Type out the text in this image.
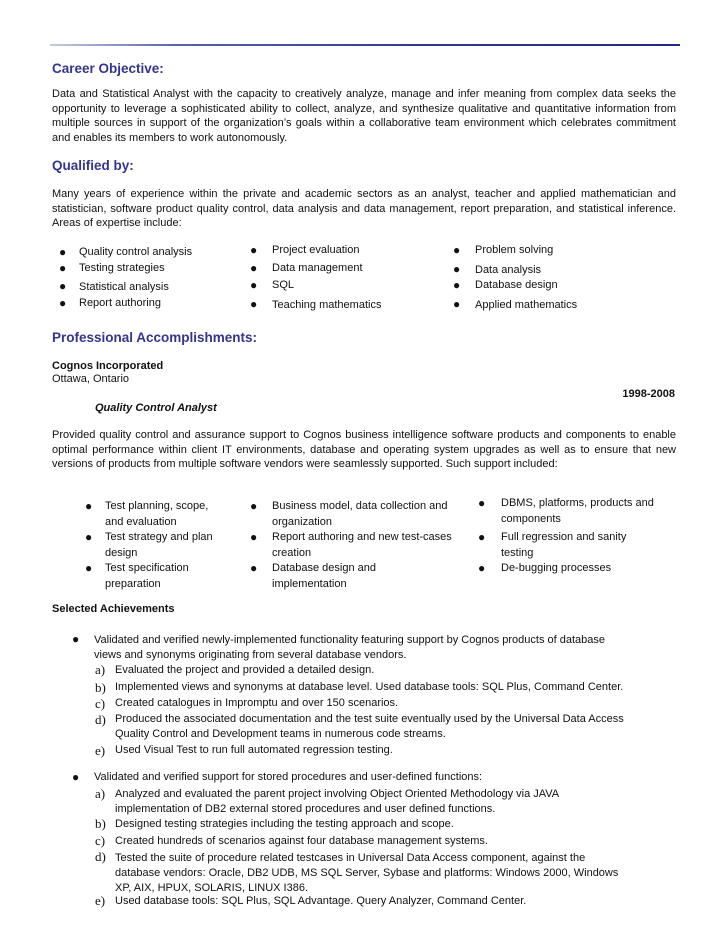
Career Objective:
Data and Statistical Analyst with the capacity to creatively analyze, manage and infer meaning from complex data seeks the opportunity to leverage a sophisticated ability to collect, analyze, and synthesize qualitative and quantitative information from multiple sources in support of the organization’s goals within a collaborative team environment which celebrates commitment and enables its members to work autonomously.
Qualified by:
Many years of experience within the private and academic sectors as an analyst, teacher and applied mathematician and statistician, software product quality control, data analysis and data management, report preparation, and statistical inference. Areas of expertise include:
● Quality control analysis
● Testing strategies
● Statistical analysis
● Report authoring
● Project evaluation
● Data management
● SQL
● Teaching mathematics
● Problem solving
● Data analysis
● Database design
● Applied mathematics
Professional Accomplishments:
Cognos Incorporated
Ottawa, Ontario
1998-2008
Quality Control Analyst
Provided quality control and assurance support to Cognos business intelligence software products and components to enable optimal performance within client IT environments, database and operating system upgrades as well as to ensure that new versions of products from multiple software vendors were seamlessly supported. Such support included:
● Test planning, scope,
and evaluation
● Test strategy and plan
design
● Test specification
preparation
● Business model, data collection and
organization
● Report authoring and new test-cases
creation
● Database design and
implementation
● DBMS, platforms, products and
components
● Full regression and sanity
testing
● De-bugging processes
Selected Achievements
● Validated and verified newly-implemented functionality featuring support by Cognos products of database
views and synonyms originating from several database vendors.
a) Evaluated the project and provided a detailed design.
b) Implemented views and synonyms at database level. Used database tools: SQL Plus, Command Center.
c) Created catalogues in Impromptu and over 150 scenarios.
d) Produced the associated documentation and the test suite eventually used by the Universal Data Access
Quality Control and Development teams in numerous code streams.
e) Used Visual Test to run full automated regression testing.
● Validated and verified support for stored procedures and user-defined functions:
a) Analyzed and evaluated the parent project involving Object Oriented Methodology via JAVA
implementation of DB2 external stored procedures and user defined functions.
b) Designed testing strategies including the testing approach and scope.
c) Created hundreds of scenarios against four database management systems.
d) Tested the suite of procedure related testcases in Universal Data Access component, against the
database vendors: Oracle, DB2 UDB, MS SQL Server, Sybase and platforms: Windows 2000, Windows
XP, AIX, HPUX, SOLARIS, LINUX I386.
e) Used database tools: SQL Plus, SQL Advantage. Query Analyzer, Command Center.
